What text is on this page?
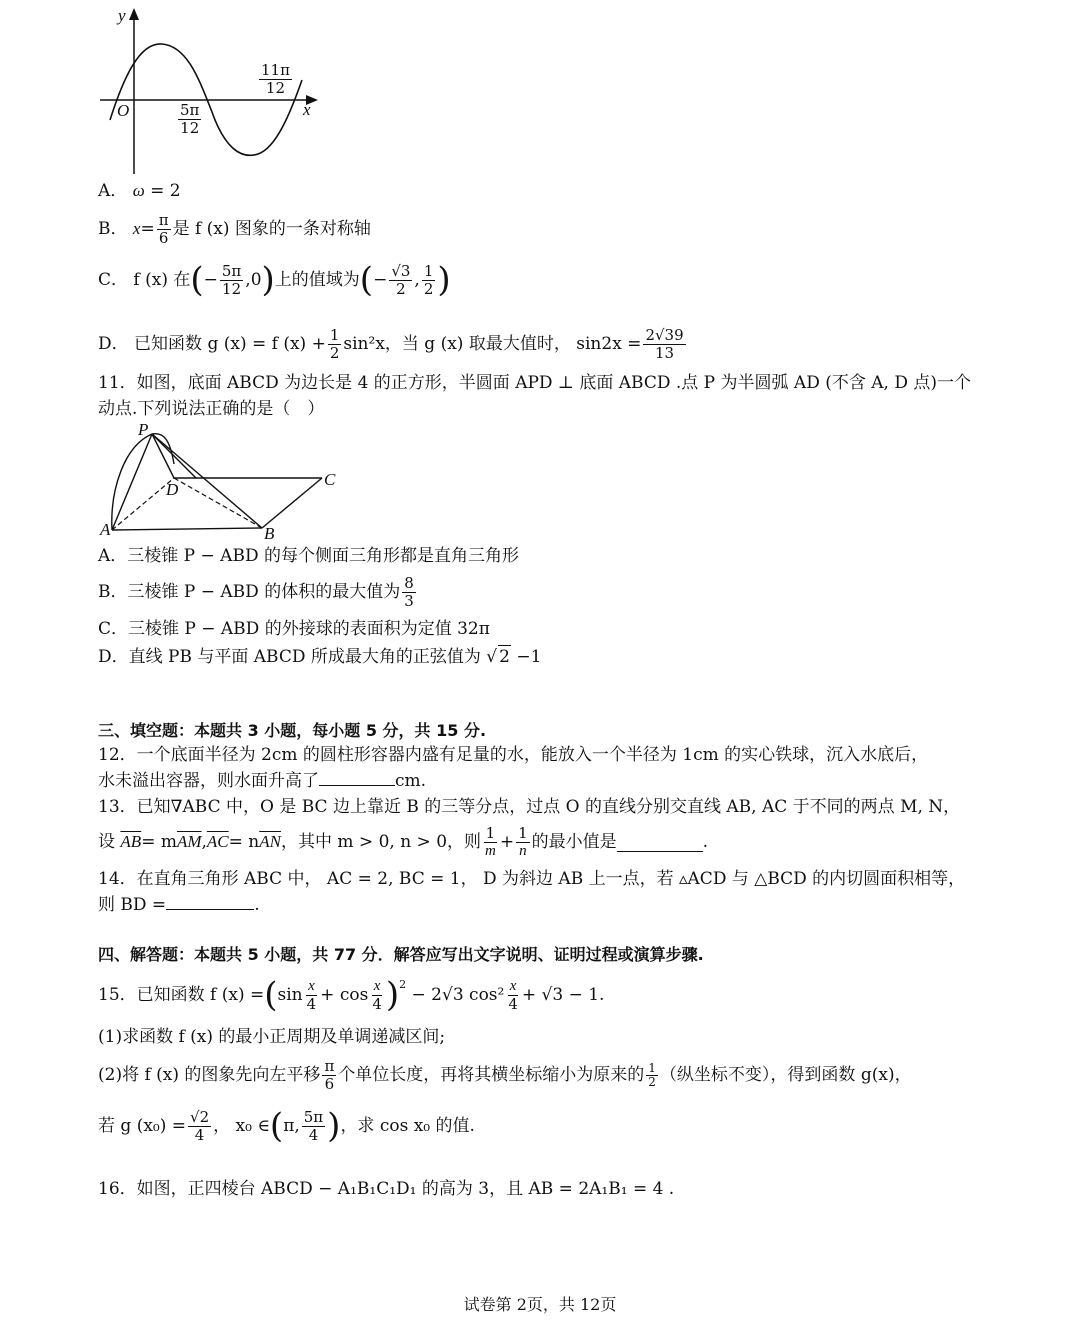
y
x
O	$\frac{5\pi}{12}$
$\frac{11\pi}{12}$
A． ω = 2
B．
$x = \frac{\pi}{6}$ 是 f (x) 图象的一条对称轴
C．
f (x) 在 ( − $\frac{5\pi}{12} ,0$ ) 上的值域为 ( − $\frac{√3}{2}$ , $\frac{1}{2}$ )
D．
已知函数 g (x) = f $(x) + \frac{1}{2} \sin^2x$，当 g (x) 取最大值时，
$\sin 2x = \frac{2√39}{13}$
11．如图，底面 ABCD 为边长是 4 的正方形，半圆面 APD ⊥ 底面 ABCD .点 P 为半圆弧 AD (不含 A, D 点)一个
动点.下列说法正确的是（　）
P
D
C
A	B
A．三棱锥 P − ABD 的每个侧面三角形都是直角三角形
B．三棱锥 P − ABD 的体积的最大值为 $\frac{8}{3}$
C．三棱锥 P − ABD 的外接球的表面积为定值 32π
D．直线 PB 与平面 ABCD 所成最大角的正弦值为 √ 2 −1
三、填空题：本题共 3 小题，每小题 5 分，共 15 分.
12．一个底面半径为 2cm 的圆柱形容器内盛有足量的水，能放入一个半径为 1cm 的实心铁球，沉入水底后，
水未溢出容器，则水面升高了	cm.
13．已知∇ABC 中，O 是 BC 边上靠近 B 的三等分点，过点 O 的直线分别交直线 AB, AC 于不同的两点 M, N，
设
$\overline{AB} = m$ $\overline{AM}$ , $\overline{AC} = n$ $\overline{AN}$ ，其中 m > 0, n > 0，则 $\frac{1}{m} + \frac{1}{n}$ 的最小值是	.
14．在直角三角形 ABC 中， AC = 2, BC = 1， D 为斜边 AB 上一点，若 ▵ACD 与 △BCD 的内切圆面积相等，
则 BD =	.
四、解答题：本题共 5 小题，共 77 分．解答应写出文字说明、证明过程或演算步骤.
15．已知函数 f (x) = ( $\sin \frac{x}{4} + \cos \frac{x}{4} )^2$

− 2√3 $\cos^2 \frac{x}{4} + √3 - 1$.
(1)求函数 f (x) 的最小正周期及单调递减区间;
(2)将 f (x) 的图象先向左平移 $\frac{\pi}{6}$ 个单位长度，再将其横坐标缩小为原来的 $\frac{1}{2}$ （纵坐标不变），得到函数 g(x)，
若 g $(x_0) = \frac{√2}{4}$ ， x₀ ∈ ( π, $\frac{5\pi}{4}$ ) ，求 cos x₀ 的值.
16．如图，正四棱台 ABCD − A₁B₁C₁D₁ 的高为 3，且 AB = 2A₁B₁ = 4 .
试卷第 2页，共 12页
